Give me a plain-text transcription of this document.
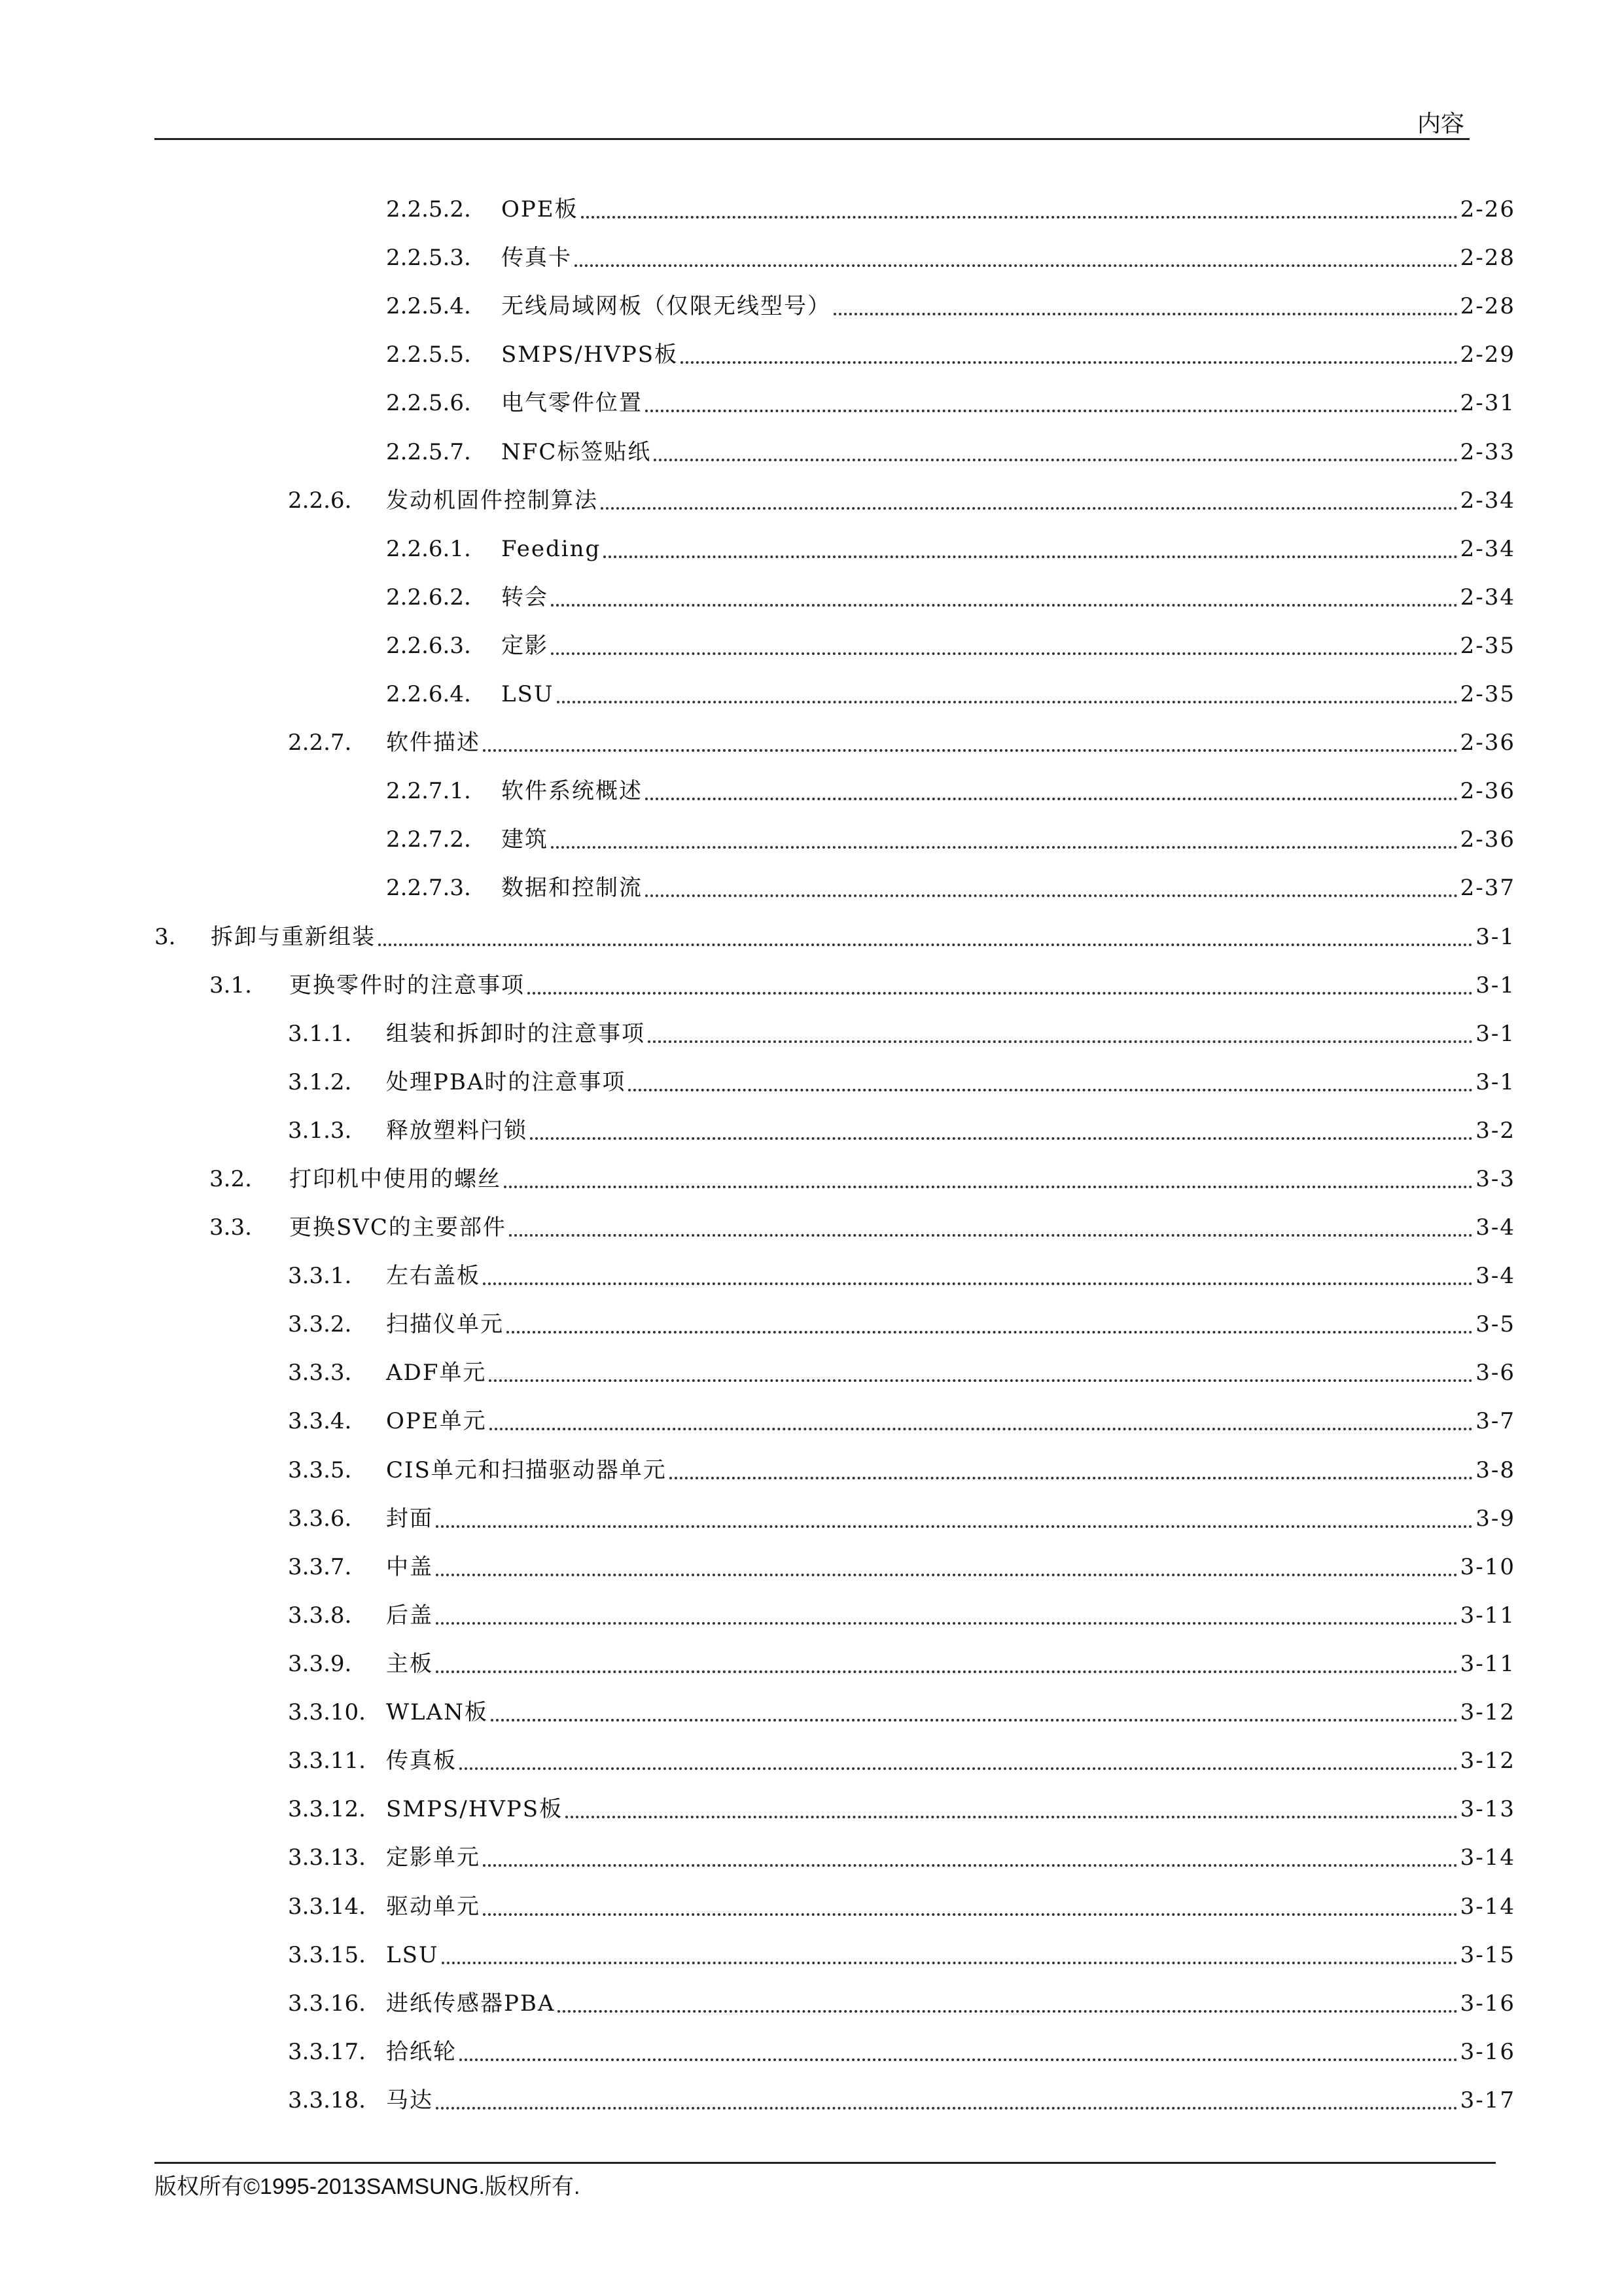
内容
2.2.5.2.	OPE板	2-26
2.2.5.3.	传真卡	2-28
2.2.5.4.	无线局域网板（仅限无线型号）	2-28
2.2.5.5.	SMPS/HVPS板	2-29
2.2.5.6.	电气零件位置	2-31
2.2.5.7.	NFC标签贴纸	2-33
2.2.6.	发动机固件控制算法	2-34
2.2.6.1.	Feeding	2-34
2.2.6.2.	转会	2-34
2.2.6.3.	定影	2-35
2.2.6.4.	LSU	2-35
2.2.7.	软件描述	2-36
2.2.7.1.	软件系统概述	2-36
2.2.7.2.	建筑	2-36
2.2.7.3.	数据和控制流	2-37
3.	拆卸与重新组装	3-1
3.1.	更换零件时的注意事项	3-1
3.1.1.	组装和拆卸时的注意事项	3-1
3.1.2.	处理PBA时的注意事项	3-1
3.1.3.	释放塑料闩锁	3-2
3.2.	打印机中使用的螺丝	3-3
3.3.	更换SVC的主要部件	3-4
3.3.1.	左右盖板	3-4
3.3.2.	扫描仪单元	3-5
3.3.3.	ADF单元	3-6
3.3.4.	OPE单元	3-7
3.3.5.	CIS单元和扫描驱动器单元	3-8
3.3.6.	封面	3-9
3.3.7.	中盖	3-10
3.3.8.	后盖	3-11
3.3.9.	主板	3-11
3.3.10. WLAN板	3-12
3.3.11. 传真板	3-12
3.3.12. SMPS/HVPS板	3-13
3.3.13. 定影单元	3-14
3.3.14. 驱动单元	3-14
3.3.15. LSU	3-15
3.3.16. 进纸传感器PBA	3-16
3.3.17. 拾纸轮	3-16
3.3.18. 马达	3-17
版权所有©1995-2013SAMSUNG.版权所有.
